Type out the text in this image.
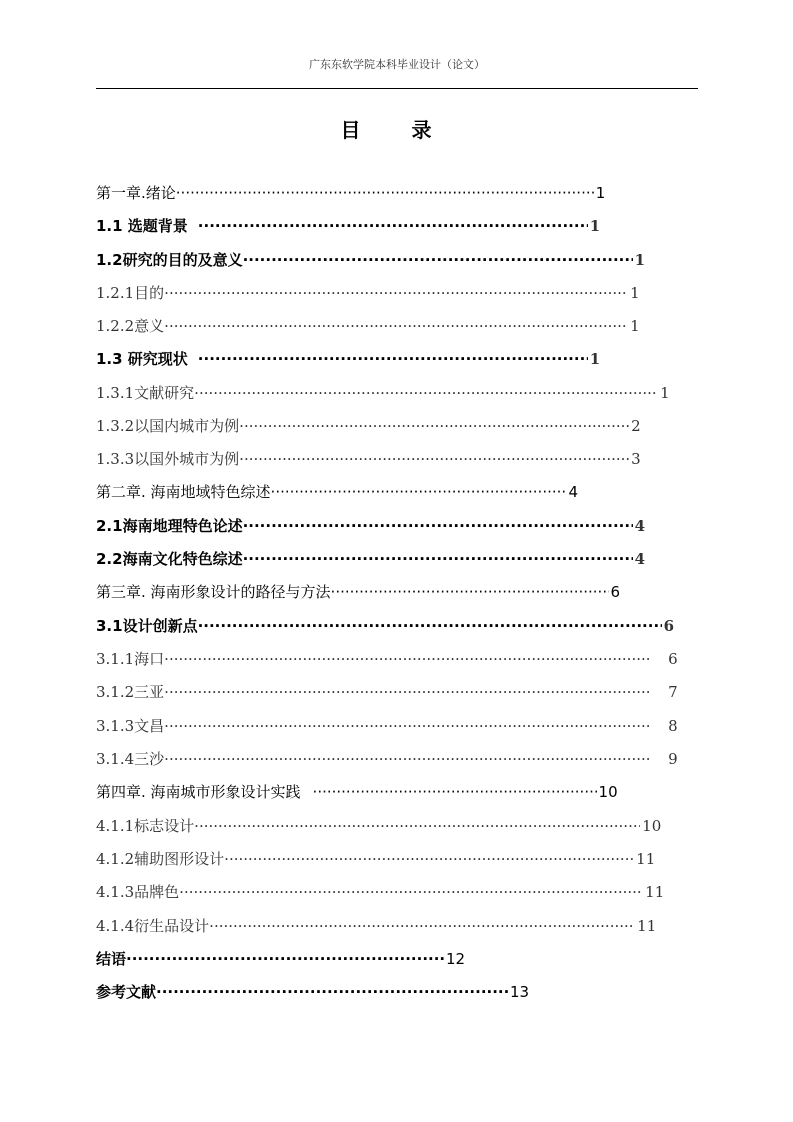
广东东软学院本科毕业设计（论文）
目 录
第一章.绪论 ·····	1
1.1 选题背景 ·····	1
1.2研究的目的及意义 ·····	1
1.2.1目的 ·····	1
1.2.2意义 ·····	1
1.3 研究现状 ·····	1
1.3.1文献研究 ·····	1
1.3.2以国内城市为例 ·····	2
1.3.3以国外城市为例 ·····	3
第二章. 海南地域特色综述 ·····	4
2.1海南地理特色论述 ·····	4
2.2海南文化特色综述 ·····	4
第三章. 海南形象设计的路径与方法 ·····	6
3.1设计创新点 ·····	6
3.1.1海口 ·····	6
3.1.2三亚 ·····	7
3.1.3文昌 ·····	8
3.1.4三沙 ·····	9
第四章. 海南城市形象设计实践 ·····	10
4.1.1标志设计 ·····	10
4.1.2辅助图形设计 ·····	11
4.1.3品牌色 ·····	11
4.1.4衍生品设计 ·····	11
结语 ·····	12
参考文献 ·····	13
